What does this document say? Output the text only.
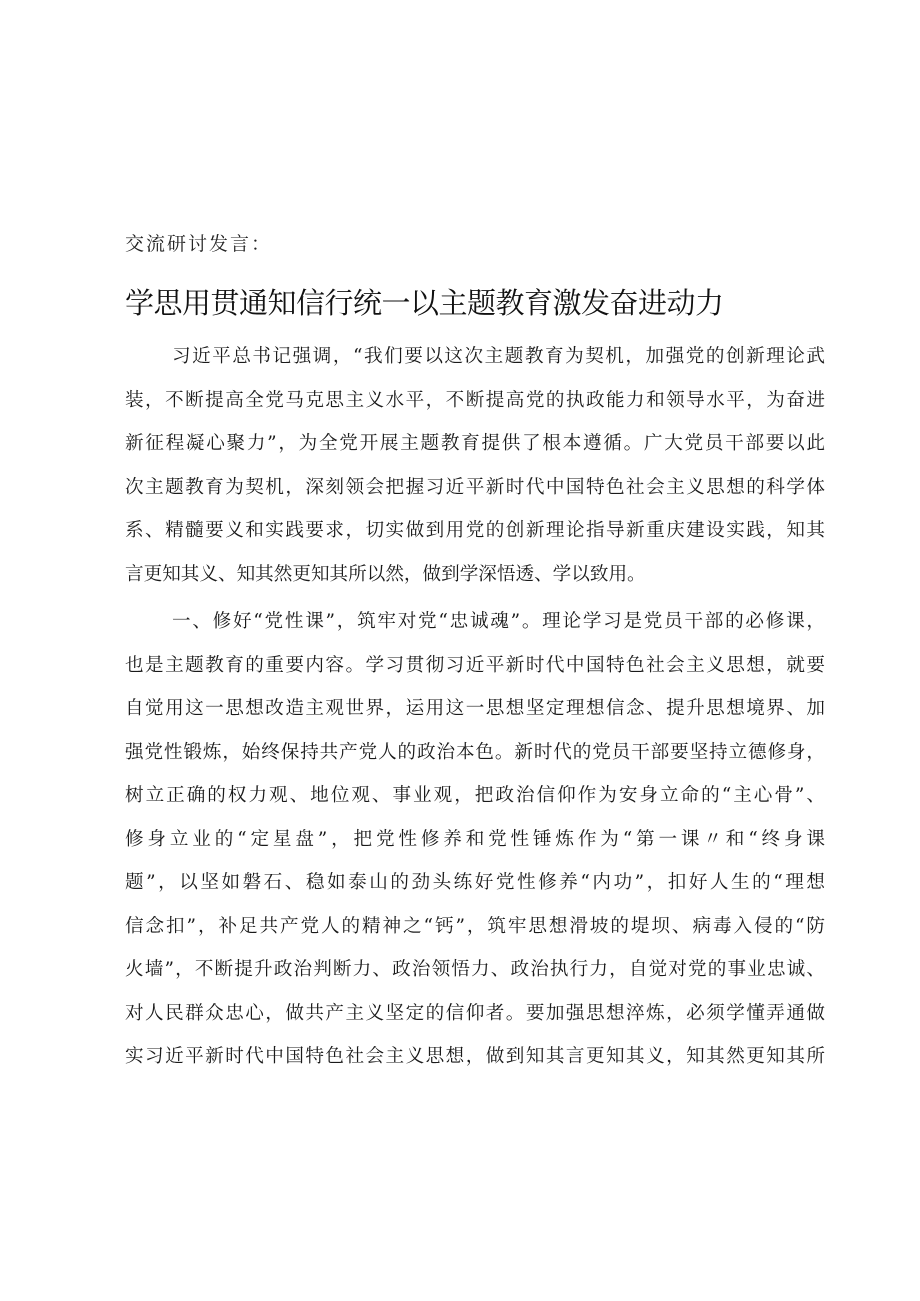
交流研讨发言：
学思用贯通知信行统一以主题教育激发奋进动力
习近平总书记强调，“我们要以这次主题教育为契机，加强党的创新理论武
装，不断提高全党马克思主义水平，不断提高党的执政能力和领导水平，为奋进
新征程凝心聚力”，为全党开展主题教育提供了根本遵循。广大党员干部要以此
次主题教育为契机，深刻领会把握习近平新时代中国特色社会主义思想的科学体
系、精髓要义和实践要求，切实做到用党的创新理论指导新重庆建设实践，知其
言更知其义、知其然更知其所以然，做到学深悟透、学以致用。
一、修好“党性课”，筑牢对党“忠诚魂”。理论学习是党员干部的必修课，
也是主题教育的重要内容。学习贯彻习近平新时代中国特色社会主义思想，就要
自觉用这一思想改造主观世界，运用这一思想坚定理想信念、提升思想境界、加
强党性锻炼，始终保持共产党人的政治本色。新时代的党员干部要坚持立德修身，
树立正确的权力观、地位观、事业观，把政治信仰作为安身立命的“主心骨”、
修身立业的“定星盘”，把党性修养和党性锤炼作为“第一课〃和“终身课
题”，以坚如磐石、稳如泰山的劲头练好党性修养“内功”，扣好人生的“理想
信念扣”，补足共产党人的精神之“钙”，筑牢思想滑坡的堤坝、病毒入侵的“防
火墙”，不断提升政治判断力、政治领悟力、政治执行力，自觉对党的事业忠诚、
对人民群众忠心，做共产主义坚定的信仰者。要加强思想淬炼，必须学懂弄通做
实习近平新时代中国特色社会主义思想，做到知其言更知其义，知其然更知其所
